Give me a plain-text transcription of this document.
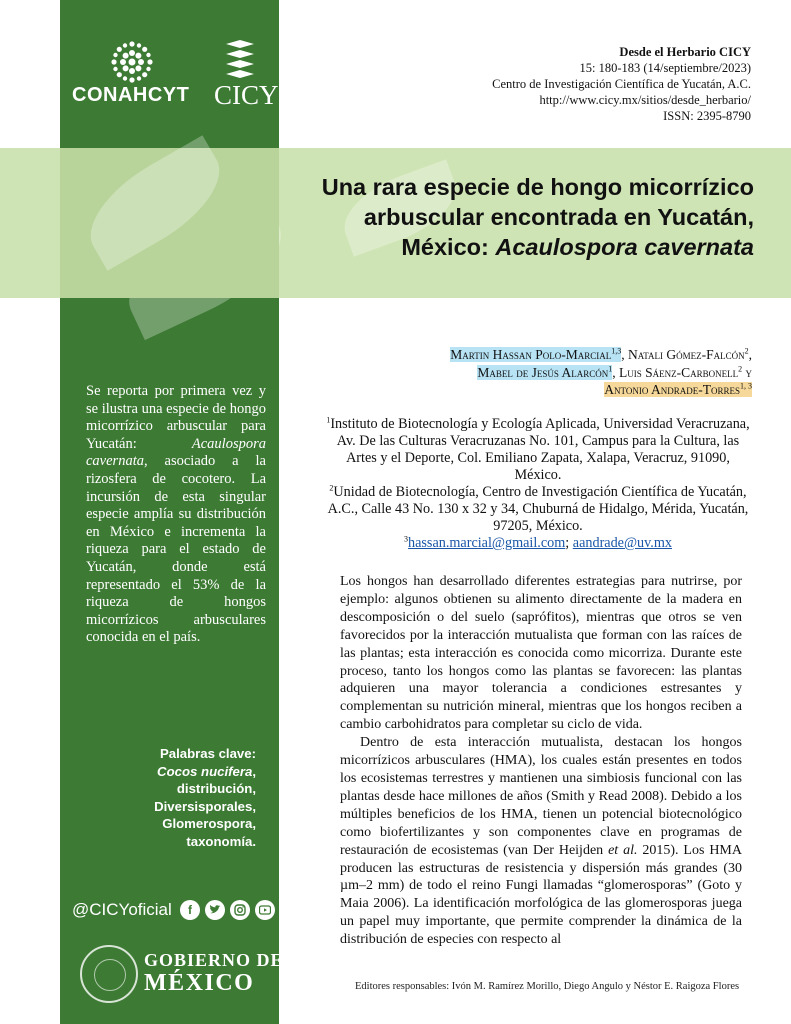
CONAHCYT CICY
Desde el Herbario CICY
15: 180-183 (14/septiembre/2023)
Centro de Investigación Científica de Yucatán, A.C.
http://www.cicy.mx/sitios/desde_herbario/
ISSN: 2395-8790
Una rara especie de hongo micorrízico
arbuscular encontrada en Yucatán,
México: Acaulospora cavernata
Martin Hassan Polo-Marcial$^{1,3}$, Natali Gómez-Falcón$^2$,
Mabel de Jesús Alarcón$^1$, Luis Sáenz-Carbonell$^2$ y
Antonio Andrade-Torres$^{1, 3}$

$^1$Instituto de Biotecnología y Ecología Aplicada, Universidad Veracruzana, Av. De las Culturas Veracruzanas No. 101, Campus para la Cultura, las Artes y el Deporte, Col. Emiliano Zapata, Xalapa, Veracruz, 91090, México.

$^2$Unidad de Biotecnología, Centro de Investigación Científica de Yucatán, A.C., Calle 43 No. 130 x 32 y 34, Chuburná de Hidalgo, Mérida, Yucatán, 97205, México.

$^3$hassan.marcial@gmail.com; aandrade@uv.mx

Se reporta por primera vez y se ilustra una especie de hongo micorrízico arbuscular para Yucatán: Acaulospora cavernata, asociado a la rizosfera de cocotero. La incursión de esta singular especie amplía su distribución en México e incrementa la riqueza para el estado de Yucatán, donde está representado el 53% de la riqueza de hongos micorrízicos arbusculares conocida en el país.
Palabras clave:
Cocos nucifera,
distribución,
Diversisporales,
Glomerospora,
taxonomía.
@CICYoficial	f
GOBIERNO DE
MÉXICO

Los hongos han desarrollado diferentes estrategias para nutrirse, por ejemplo: algunos obtienen su alimento directamente de la madera en descomposición o del suelo (saprófitos), mientras que otros se ven favorecidos por la interacción mutualista que forman con las raíces de las plantas; esta interacción es conocida como micorriza. Durante este proceso, tanto los hongos como las plantas se favorecen: las plantas adquieren una mayor tolerancia a condiciones estresantes y complementan su nutrición mineral, mientras que los hongos reciben a cambio carbohidratos para completar su ciclo de vida.

Dentro de esta interacción mutualista, destacan los hongos micorrízicos arbusculares (HMA), los cuales están presentes en todos los ecosistemas terrestres y mantienen una simbiosis funcional con las plantas desde hace millones de años (Smith y Read 2008). Debido a los múltiples beneficios de los HMA, tienen un potencial biotecnológico como biofertilizantes y son componentes clave en programas de restauración de ecosistemas (van Der Heijden et al. 2015). Los HMA producen las estructuras de resistencia y dispersión más grandes (30 µm–2 mm) de todo el reino Fungi llamadas “glomerosporas” (Goto y Maia 2006). La identificación morfológica de las glomerosporas juega un papel muy importante, que permite comprender la dinámica de la distribución de especies con respecto al

Editores responsables: Ivón M. Ramírez Morillo, Diego Angulo y Néstor E. Raigoza Flores
